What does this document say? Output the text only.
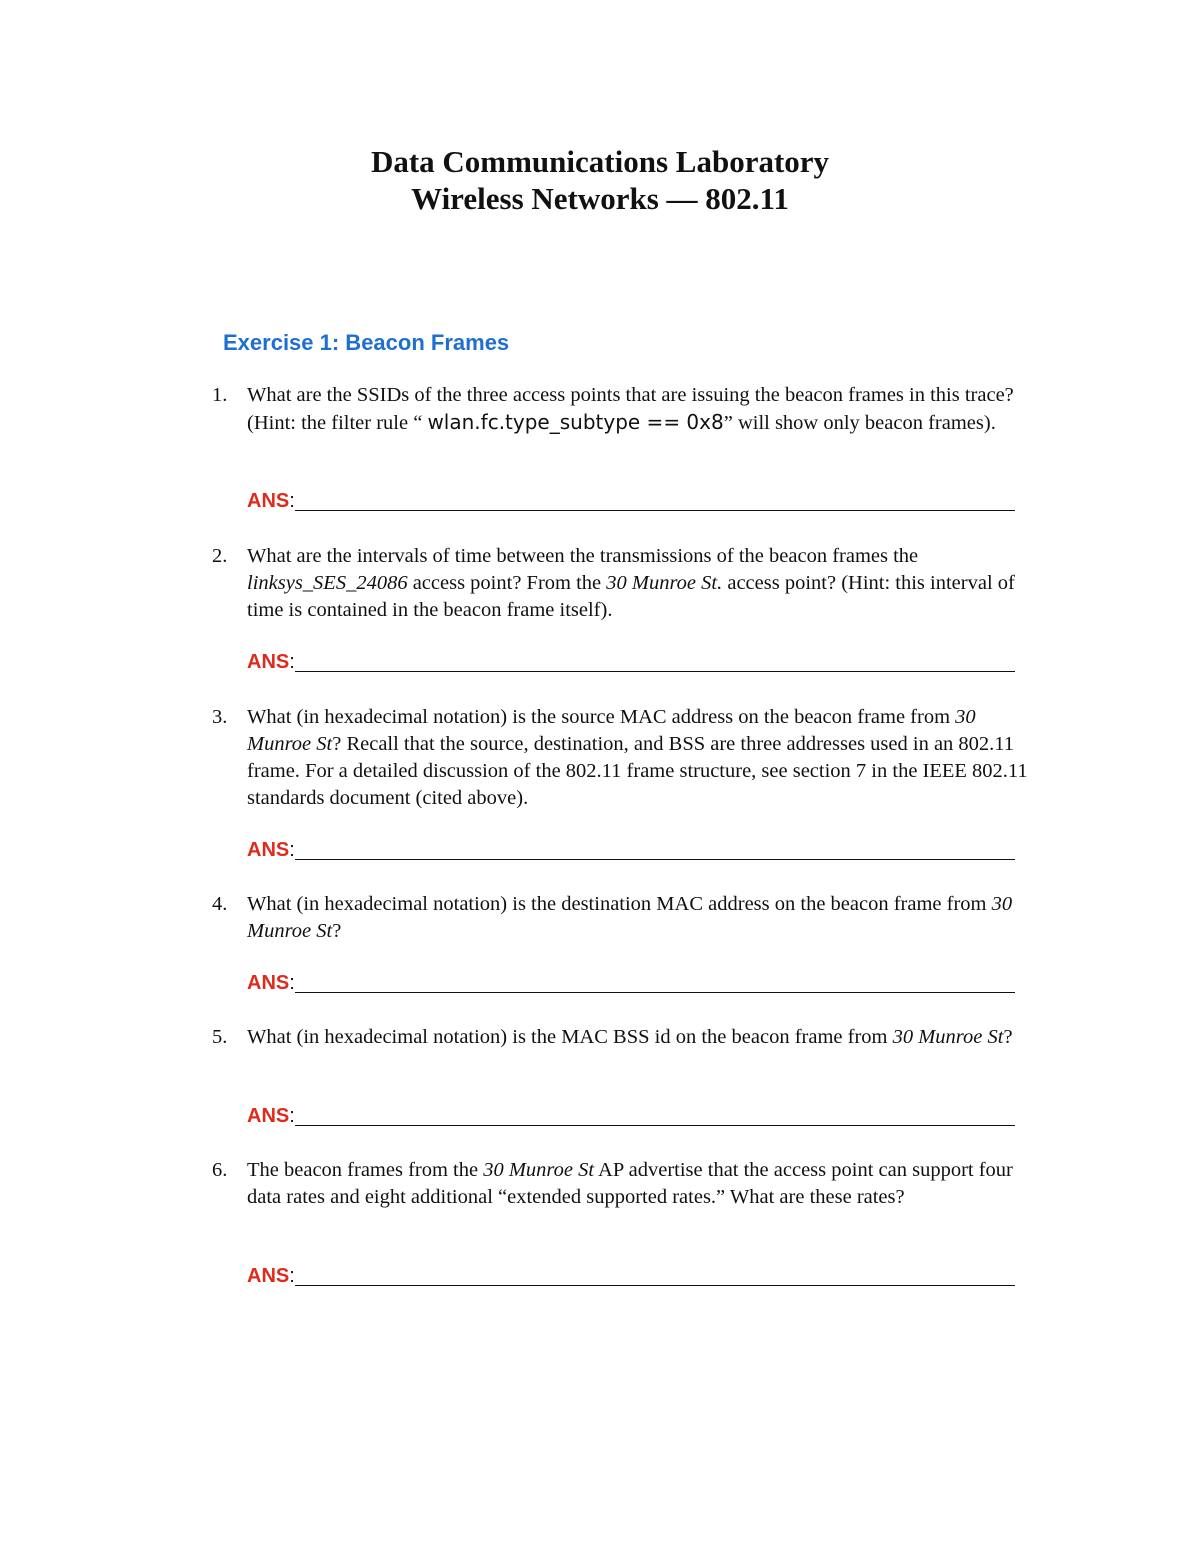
Data Communications Laboratory
Wireless Networks — 802.11
Exercise 1: Beacon Frames
1. What are the SSIDs of the three access points that are issuing the beacon frames in this trace? (Hint: the filter rule “ wlan.fc.type_subtype == 0x8” will show only beacon frames).
ANS:
2. What are the intervals of time between the transmissions of the beacon frames the linksys_SES_24086 access point? From the 30 Munroe St. access point? (Hint: this interval of time is contained in the beacon frame itself).
ANS:
3. What (in hexadecimal notation) is the source MAC address on the beacon frame from 30 Munroe St? Recall that the source, destination, and BSS are three addresses used in an 802.11 frame. For a detailed discussion of the 802.11 frame structure, see section 7 in the IEEE 802.11 standards document (cited above).
ANS:
4. What (in hexadecimal notation) is the destination MAC address on the beacon frame from 30 Munroe St?
ANS:
5. What (in hexadecimal notation) is the MAC BSS id on the beacon frame from 30 Munroe St?
ANS:
6. The beacon frames from the 30 Munroe St AP advertise that the access point can support four data rates and eight additional “extended supported rates.” What are these rates?
ANS:
